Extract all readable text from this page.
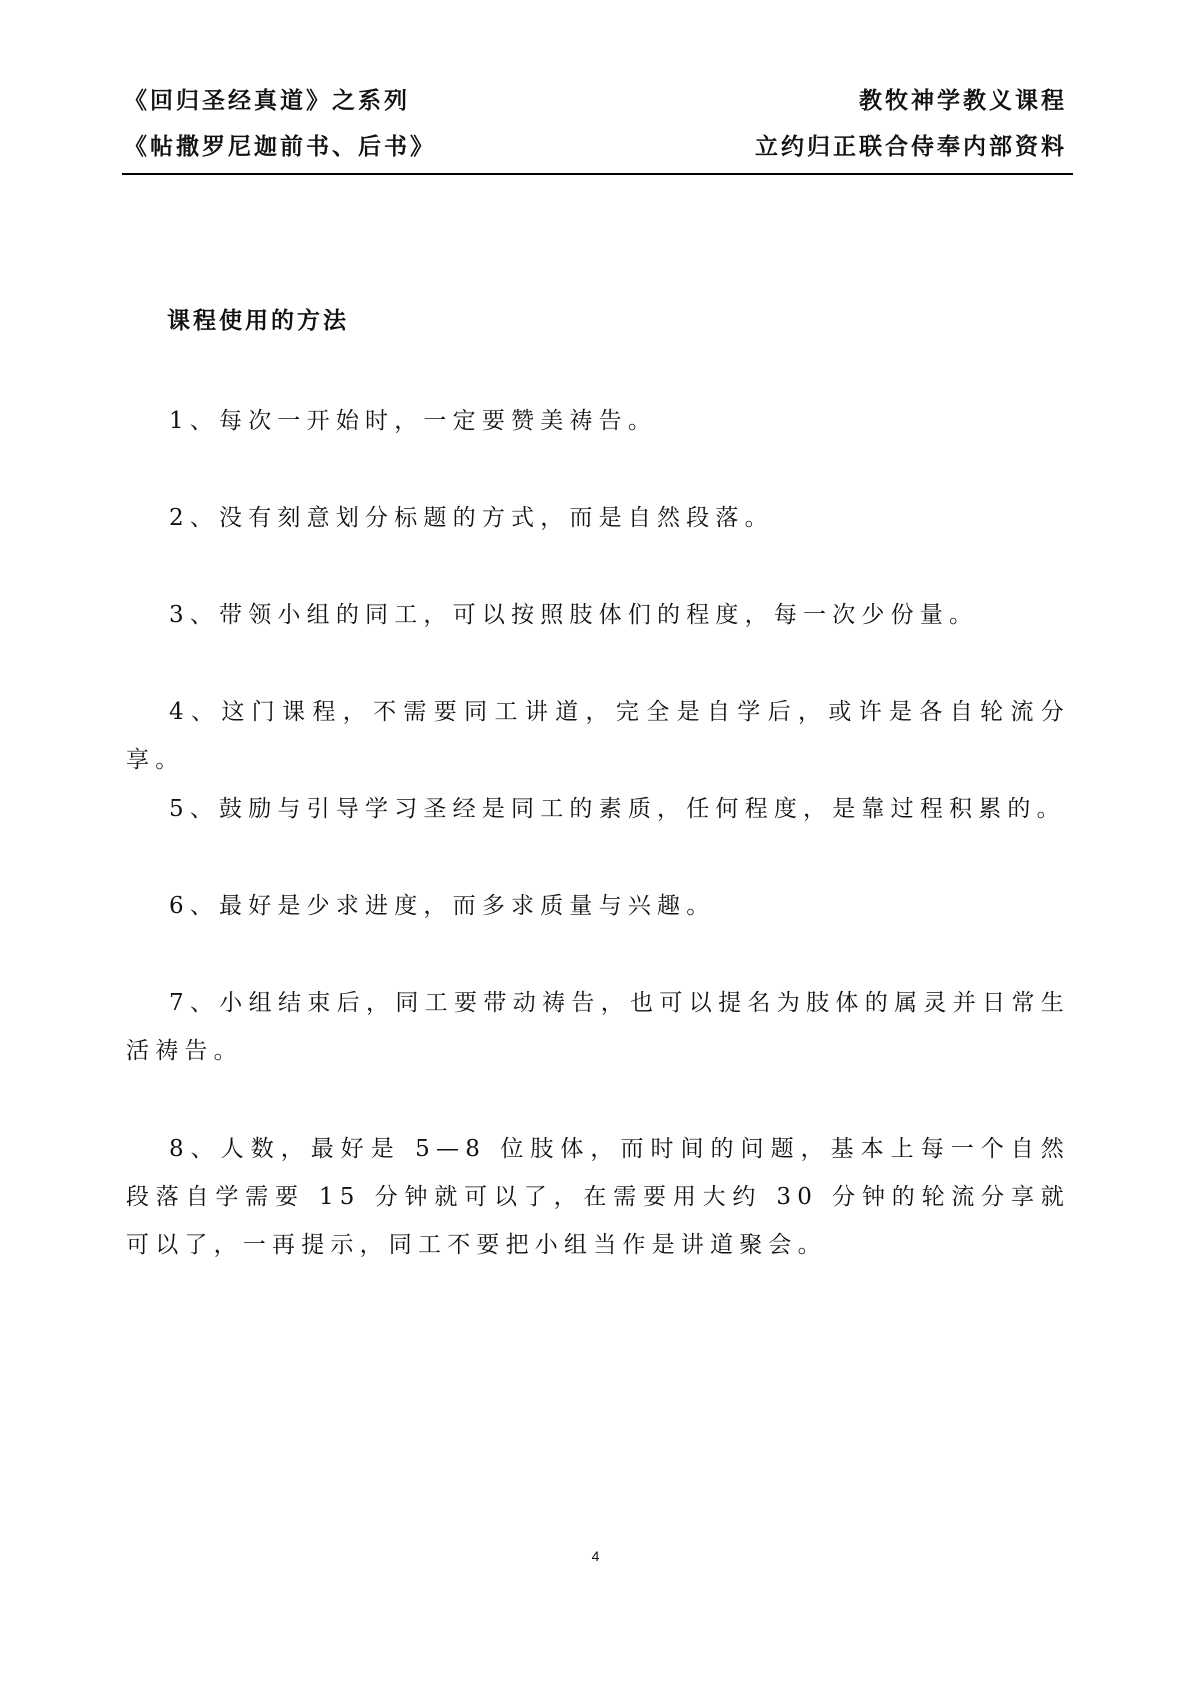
《回归圣经真道》之系列
《帖撒罗尼迦前书、后书》
教牧神学教义课程
立约归正联合侍奉内部资料
课程使用的方法

1、每次一开始时，一定要赞美祷告。

2、没有刻意划分标题的方式，而是自然段落。

3、带领小组的同工，可以按照肢体们的程度，每一次少份量。

4、这门课程，不需要同工讲道，完全是自学后，或许是各自轮流分享。

5、鼓励与引导学习圣经是同工的素质，任何程度，是靠过程积累的。

6、最好是少求进度，而多求质量与兴趣。

7、小组结束后，同工要带动祷告，也可以提名为肢体的属灵并日常生活祷告。

8、人数，最好是 5—8 位肢体，而时间的问题，基本上每一个自然段落自学需要 15 分钟就可以了，在需要用大约 30 分钟的轮流分享就可以了，一再提示，同工不要把小组当作是讲道聚会。

4
